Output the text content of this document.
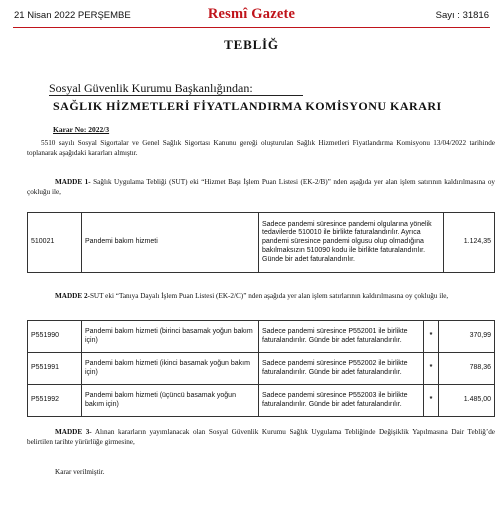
21 Nisan 2022 PERŞEMBE	Resmî Gazete	Sayı : 31816
TEBLİĞ
Sosyal Güvenlik Kurumu Başkanlığından:
SAĞLIK HİZMETLERİ FİYATLANDIRMA KOMİSYONU KARARI
Karar No: 2022/3
5510 sayılı Sosyal Sigortalar ve Genel Sağlık Sigortası Kanunu gereği oluşturulan Sağlık Hizmetleri Fiyatlandırma Komisyonu 13/04/2022 tarihinde toplanarak aşağıdaki kararları almıştır.
MADDE 1- Sağlık Uygulama Tebliği (SUT) eki “Hizmet Başı İşlem Puan Listesi (EK-2/B)” nden aşağıda yer alan işlem satırının kaldırılmasına oy çokluğu ile,
510021	Pandemi bakım hizmeti	Sadece pandemi süresince pandemi olgularına yönelik tedavilerde 510010 ile birlikte faturalandırılır. Ayrıca pandemi süresince pandemi olgusu olup olmadığına bakılmaksızın 510090 kodu ile birlikte faturalandırılır. Günde bir adet faturalandırılır.	1.124,35
MADDE 2-SUT eki “Tanıya Dayalı İşlem Puan Listesi (EK-2/C)” nden aşağıda yer alan işlem satırlarının kaldırılmasına oy çokluğu ile,
P551990	Pandemi bakım hizmeti (birinci basamak yoğun bakım için)	Sadece pandemi süresince P552001 ile birlikte faturalandırılır. Günde bir adet faturalandırılır.	*	370,99
P551991	Pandemi bakım hizmeti (ikinci basamak yoğun bakım için)	Sadece pandemi süresince P552002 ile birlikte faturalandırılır. Günde bir adet faturalandırılır.	*	788,36
P551992	Pandemi bakım hizmeti (üçüncü basamak yoğun bakım için)	Sadece pandemi süresince P552003 ile birlikte faturalandırılır. Günde bir adet faturalandırılır.	*	1.485,00
MADDE 3- Alınan kararların yayımlanacak olan Sosyal Güvenlik Kurumu Sağlık Uygulama Tebliğinde Değişiklik Yapılmasına Dair Tebliğ’de belirtilen tarihte yürürlüğe girmesine,
Karar verilmiştir.
